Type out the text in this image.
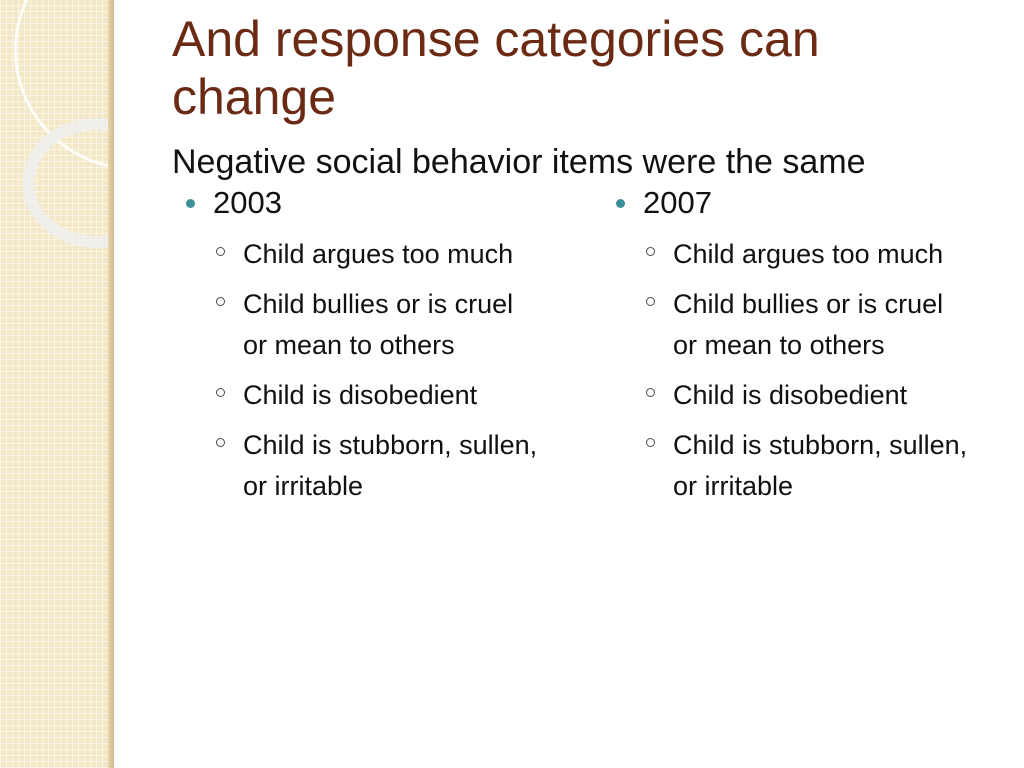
And response categories can change
Negative social behavior items were the same
2003
Child argues too much
Child bullies or is cruel or mean to others
Child is disobedient
Child is stubborn, sullen, or irritable
2007
Child argues too much
Child bullies or is cruel or mean to others
Child is disobedient
Child is stubborn, sullen, or irritable
